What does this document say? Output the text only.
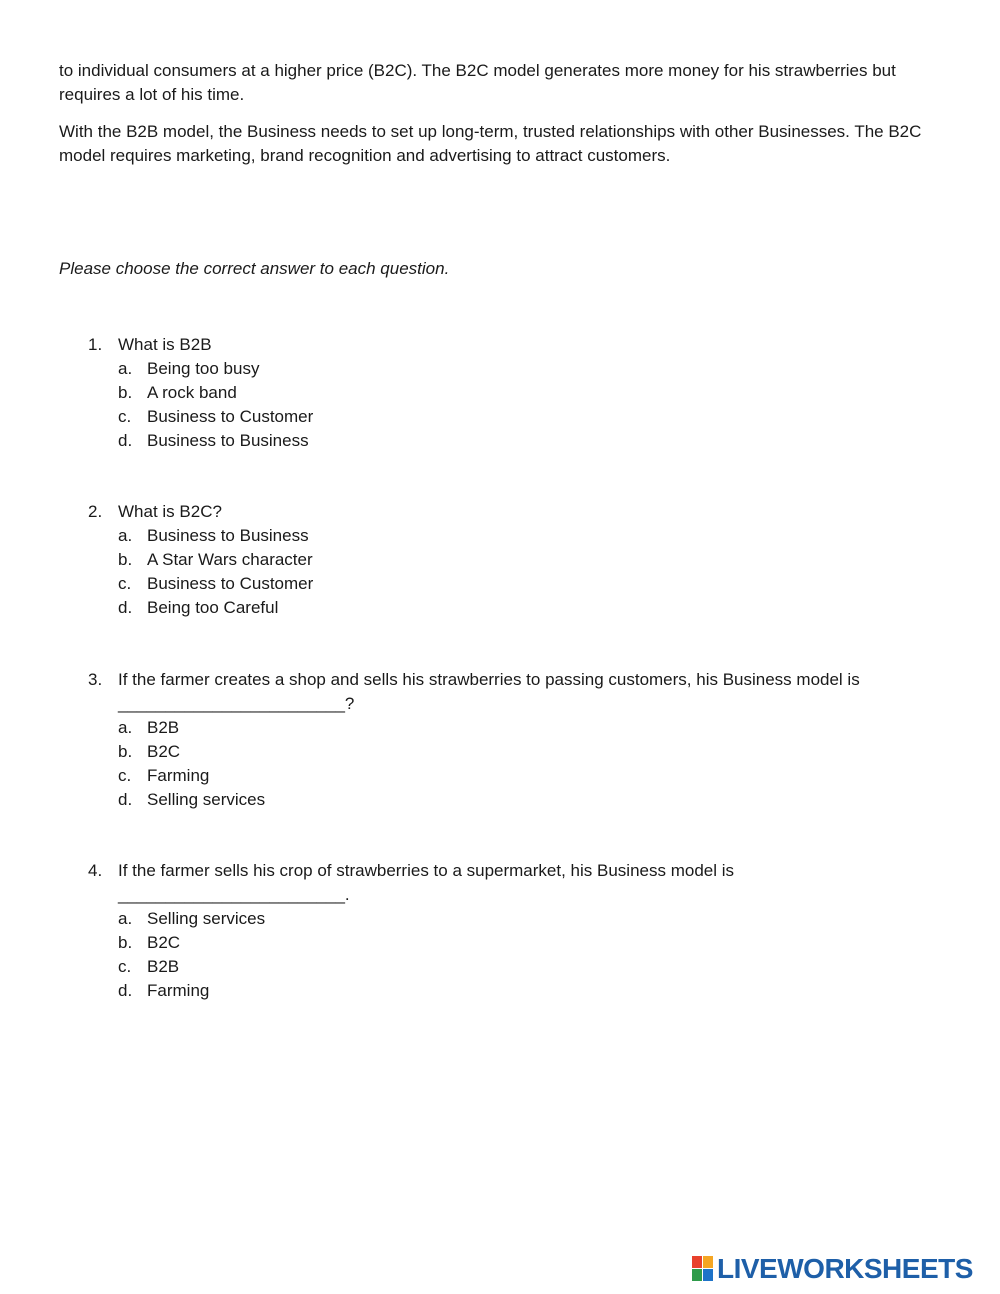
to individual consumers at a higher price (B2C). The B2C model generates more money for his strawberries but requires a lot of his time.

With the B2B model, the Business needs to set up long-term, trusted relationships with other Businesses. The B2C model requires marketing, brand recognition and advertising to attract customers.

Please choose the correct answer to each question.

1. What is B2B
a. Being too busy
b. A rock band
c. Business to Customer
d. Business to Business
2. What is B2C?
a. Business to Business
b. A Star Wars character
c. Business to Customer
d. Being too Careful
3. If the farmer creates a shop and sells his strawberries to passing customers, his Business model is
________________________?
a. B2B
b. B2C
c. Farming
d. Selling services
4. If the farmer sells his crop of strawberries to a supermarket, his Business model is
________________________.
a. Selling services
b. B2C
c. B2B
d. Farming
LIVEWORKSHEETS
